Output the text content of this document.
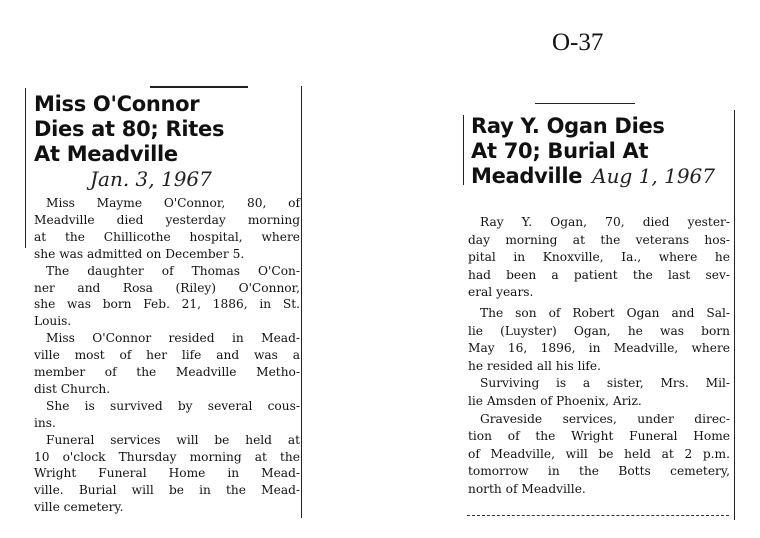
O-37
Miss O'Connor
Dies at 80; Rites
At Meadville
Jan. 3, 1967
Miss Mayme O'Connor, 80, of
Meadville died yesterday morning
at the Chillicothe hospital, where
she was admitted on December 5.
The daughter of Thomas O'Con-
ner and Rosa (Riley) O'Connor,
she was born Feb. 21, 1886, in St.
Louis.
Miss O'Connor resided in Mead-
ville most of her life and was a
member of the Meadville Metho-
dist Church.
She is survived by several cous-
ins.
Funeral services will be held at
10 o'clock Thursday morning at the
Wright Funeral Home in Mead-
ville. Burial will be in the Mead-
ville cemetery.
Ray Y. Ogan Dies
At 70; Burial At
Meadville Aug 1, 1967
Ray Y. Ogan, 70, died yester-
day morning at the veterans hos-
pital in Knoxville, Ia., where he
had been a patient the last sev-
eral years.
The son of Robert Ogan and Sal-
lie (Luyster) Ogan, he was born
May 16, 1896, in Meadville, where
he resided all his life.
Surviving is a sister, Mrs. Mil-
lie Amsden of Phoenix, Ariz.
Graveside services, under direc-
tion of the Wright Funeral Home
of Meadville, will be held at 2 p.m.
tomorrow in the Botts cemetery,
north of Meadville.
